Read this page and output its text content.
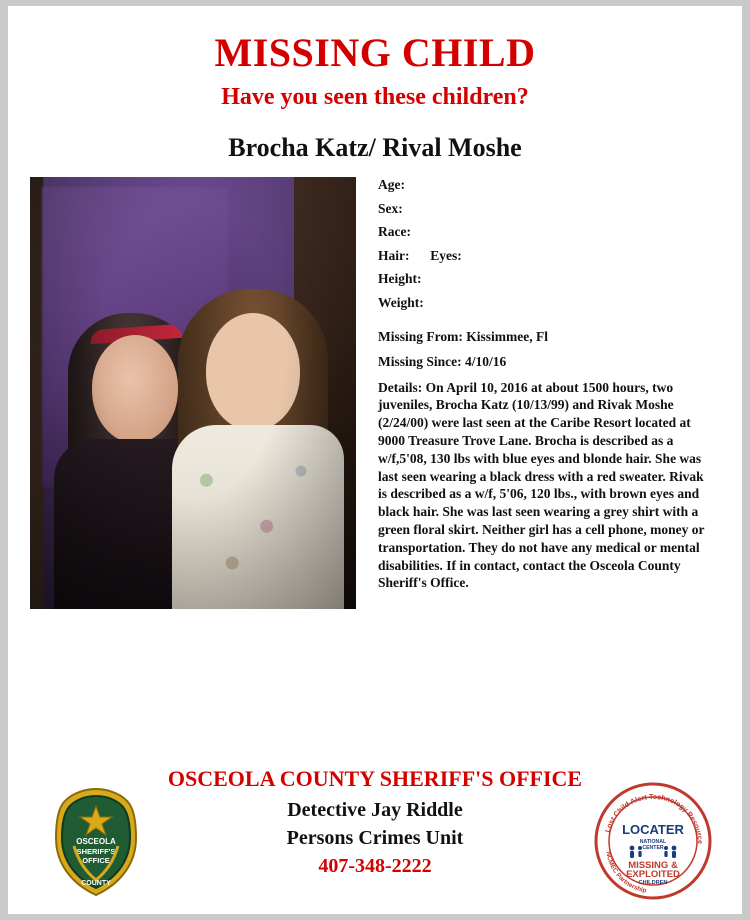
MISSING CHILD
Have you seen these children?
Brocha Katz/ Rival Moshe
Age:
Sex:
Race:
Hair: Eyes:
Height:
Weight:
Missing From: Kissimmee, Fl
Missing Since: 4/10/16
Details: On April 10, 2016 at about 1500 hours, two juveniles, Brocha Katz (10/13/99) and Rivak Moshe (2/24/00) were last seen at the Caribe Resort located at 9000 Treasure Trove Lane. Brocha is described as a w/f,5'08, 130 lbs with blue eyes and blonde hair. She was last seen wearing a black dress with a red sweater. Rivak is described as a w/f, 5'06, 120 lbs., with brown eyes and black hair. She was last seen wearing a grey shirt with a green floral skirt. Neither girl has a cell phone, money or transportation. They do not have any medical or mental disabilities. If in contact, contact the Osceola County Sheriff's Office.
OSCEOLA COUNTY SHERIFF'S OFFICE
Detective Jay Riddle
Persons Crimes Unit
407-348-2222
OSCEOLA
SHERIFF'S
OFFICE
COUNTY
Lost Child Alert Technology Resource
NCMEC Partnership
LOCATER
NATIONAL
CENTER
MISSING &
EXPLOITED
CHILDREN
